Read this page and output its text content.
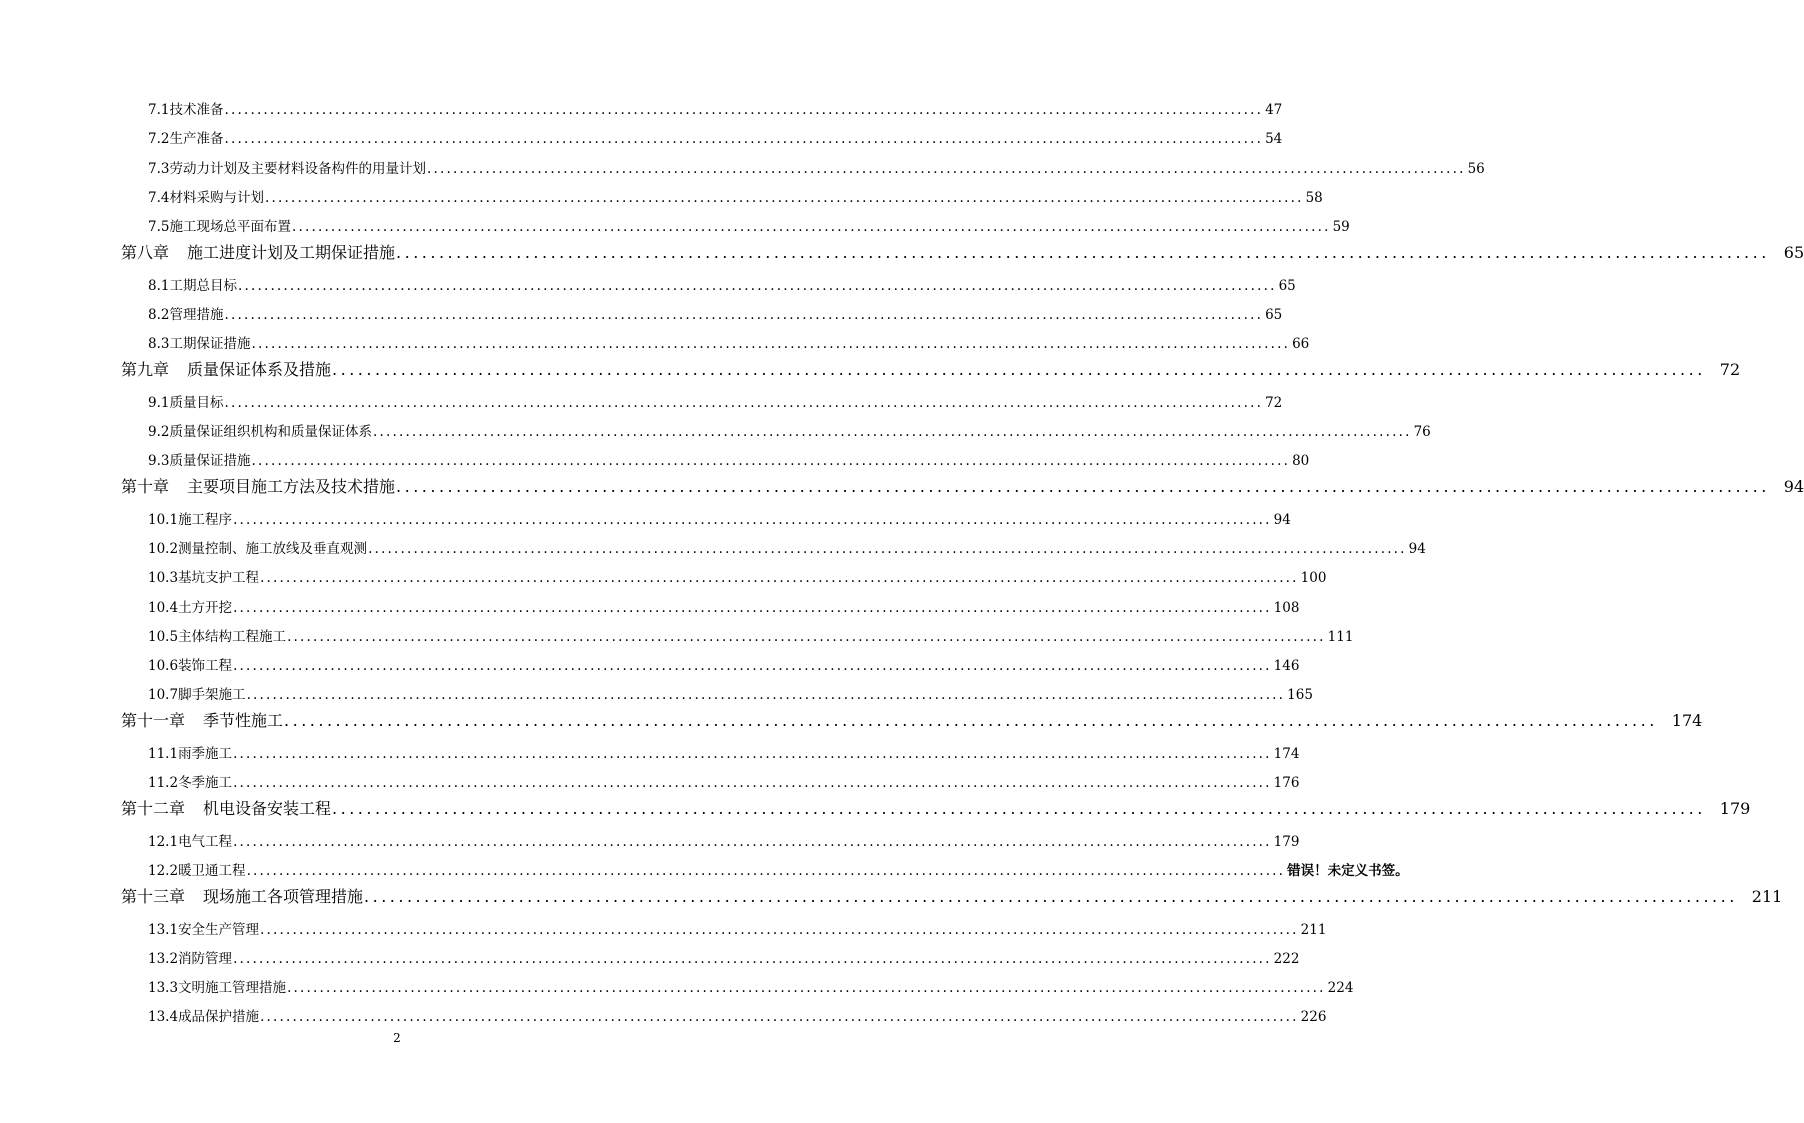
7.1 技术准备 ................................................................................................................................................................ 47
7.2 生产准备 ................................................................................................................................................................ 54
7.3 劳动力计划及主要材料设备构件的用量计划 ................................................................................................................................................................ 56
7.4 材料采购与计划 ................................................................................................................................................................ 58
7.5 施工现场总平面布置 ................................................................................................................................................................ 59
第八章 施工进度计划及工期保证措施 ................................................................................................................................................................ 65
8.1 工期总目标 ................................................................................................................................................................ 65
8.2 管理措施 ................................................................................................................................................................ 65
8.3 工期保证措施 ................................................................................................................................................................ 66
第九章 质量保证体系及措施 ................................................................................................................................................................ 72
9.1 质量目标 ................................................................................................................................................................ 72
9.2 质量保证组织机构和质量保证体系 ................................................................................................................................................................ 76
9.3 质量保证措施 ................................................................................................................................................................ 80
第十章 主要项目施工方法及技术措施 ................................................................................................................................................................ 94
10.1 施工程序 ................................................................................................................................................................ 94
10.2 测量控制、施工放线及垂直观测 ................................................................................................................................................................ 94
10.3 基坑支护工程 ................................................................................................................................................................ 100
10.4 土方开挖 ................................................................................................................................................................ 108
10.5 主体结构工程施工 ................................................................................................................................................................ 111
10.6 装饰工程 ................................................................................................................................................................ 146
10.7 脚手架施工 ................................................................................................................................................................ 165
第十一章 季节性施工 ................................................................................................................................................................ 174
11.1 雨季施工 ................................................................................................................................................................ 174
11.2 冬季施工 ................................................................................................................................................................ 176
第十二章 机电设备安装工程 ................................................................................................................................................................ 179
12.1 电气工程 ................................................................................................................................................................ 179
12.2 暖卫通工程 ................................................................................................................................................................ 错误！未定义书签。
第十三章 现场施工各项管理措施 ................................................................................................................................................................ 211
13.1 安全生产管理 ................................................................................................................................................................ 211
13.2 消防管理 ................................................................................................................................................................ 222
13.3 文明施工管理措施 ................................................................................................................................................................ 224
13.4 成品保护措施 ................................................................................................................................................................ 226
2
